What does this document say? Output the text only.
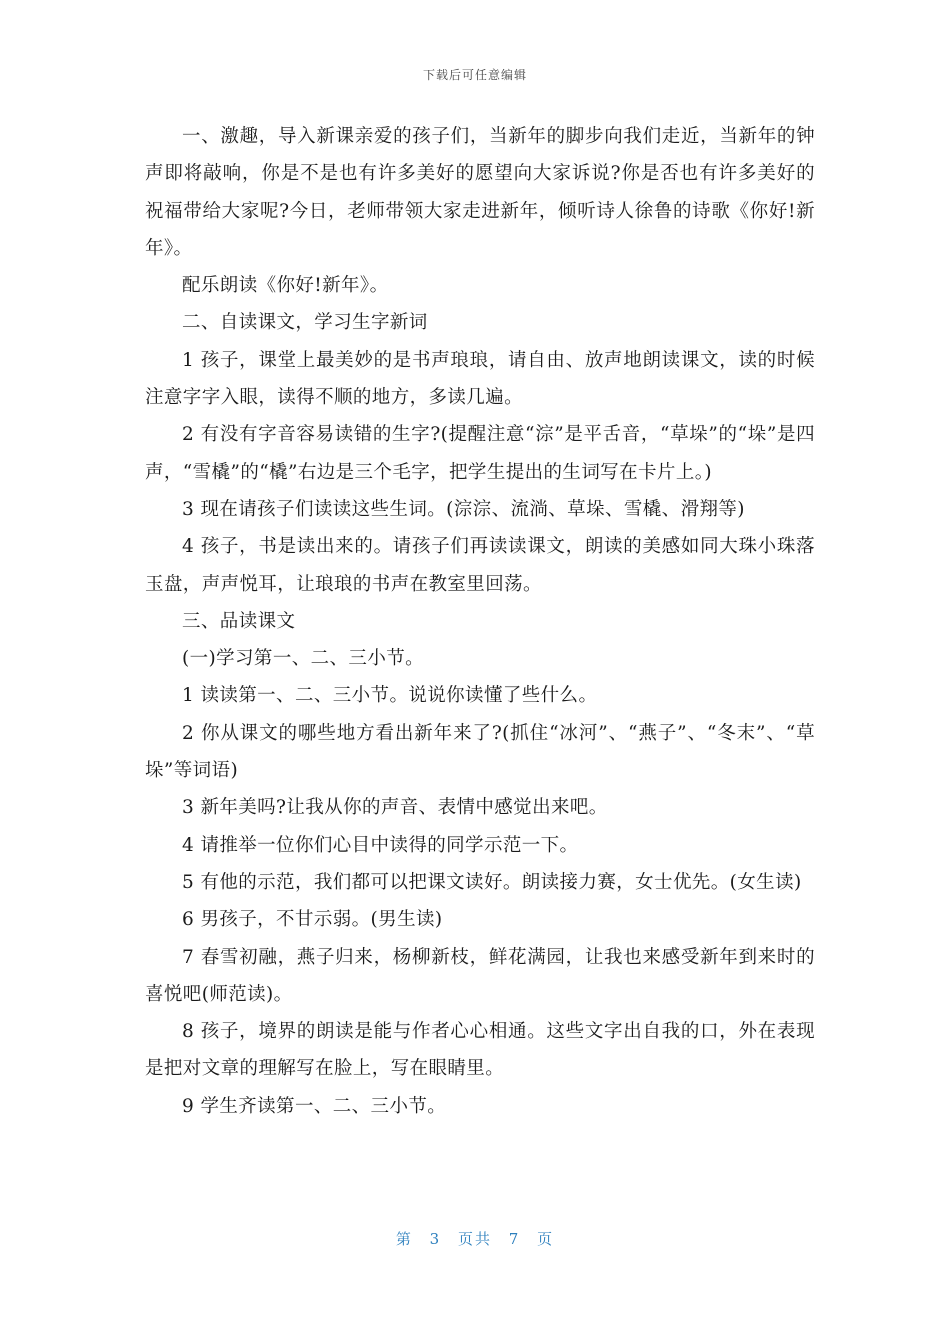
下载后可任意编辑

一、激趣，导入新课亲爱的孩子们，当新年的脚步向我们走近，当新年的钟声即将敲响，你是不是也有许多美好的愿望向大家诉说?你是否也有许多美好的祝福带给大家呢?今日，老师带领大家走进新年，倾听诗人徐鲁的诗歌《你好!新年》。

配乐朗读《你好!新年》。

二、自读课文，学习生字新词

1 孩子，课堂上最美妙的是书声琅琅，请自由、放声地朗读课文，读的时候注意字字入眼，读得不顺的地方，多读几遍。

2 有没有字音容易读错的生字?(提醒注意“淙”是平舌音，“草垛”的“垛”是四声，“雪橇”的“橇”右边是三个毛字，把学生提出的生词写在卡片上。)

3 现在请孩子们读读这些生词。(淙淙、流淌、草垛、雪橇、滑翔等)

4 孩子，书是读出来的。请孩子们再读读课文，朗读的美感如同大珠小珠落玉盘，声声悦耳，让琅琅的书声在教室里回荡。

三、品读课文

(一)学习第一、二、三小节。

1 读读第一、二、三小节。说说你读懂了些什么。

2 你从课文的哪些地方看出新年来了?(抓住“冰河”、“燕子”、“冬末”、“草垛”等词语)

3 新年美吗?让我从你的声音、表情中感觉出来吧。

4 请推举一位你们心目中读得的同学示范一下。

5 有他的示范，我们都可以把课文读好。朗读接力赛，女士优先。(女生读)

6 男孩子，不甘示弱。(男生读)

7 春雪初融，燕子归来，杨柳新枝，鲜花满园，让我也来感受新年到来时的喜悦吧(师范读)。

8 孩子，境界的朗读是能与作者心心相通。这些文字出自我的口，外在表现是把对文章的理解写在脸上，写在眼睛里。

9 学生齐读第一、二、三小节。

第 3 页共 7 页
